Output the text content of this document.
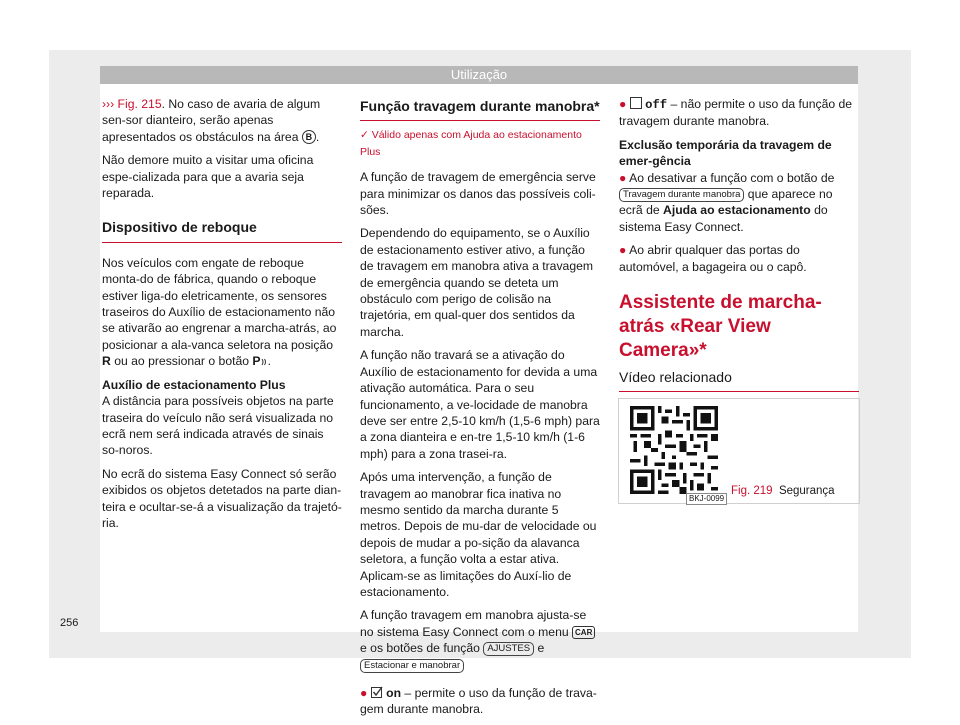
Utilização
256

››› Fig. 215. No caso de avaria de algum sen-sor dianteiro, serão apenas apresentados os obstáculos na área B .

Não demore muito a visitar uma oficina espe-cializada para que a avaria seja reparada.

Dispositivo de reboque

Nos veículos com engate de reboque monta-do de fábrica, quando o reboque estiver liga-do eletricamente, os sensores traseiros do Auxílio de estacionamento não se ativarão ao engrenar a marcha-atrás, ao posicionar a ala-vanca seletora na posição R ou ao pressionar o botão P .

Auxílio de estacionamento Plus

A distância para possíveis objetos na parte traseira do veículo não será visualizada no ecrã nem será indicada através de sinais so-noros.

No ecrã do sistema Easy Connect só serão exibidos os objetos detetados na parte dian-teira e ocultar-se-á a visualização da trajetó-ria.

Função travagem durante manobra*
✓ Válido apenas com Ajuda ao estacionamento Plus

A função de travagem de emergência serve para minimizar os danos das possíveis coli-sões.

Dependendo do equipamento, se o Auxílio de estacionamento estiver ativo, a função de travagem em manobra ativa a travagem de emergência quando se deteta um obstáculo com perigo de colisão na trajetória, em qual-quer dos sentidos da marcha.

A função não travará se a ativação do Auxílio de estacionamento for devida a uma ativação automática. Para o seu funcionamento, a ve-locidade de manobra deve ser entre 2,5-10 km/h (1,5-6 mph) para a zona dianteira e en-tre 1,5-10 km/h (1-6 mph) para a zona trasei-ra.

Após uma intervenção, a função de travagem ao manobrar fica inativa no mesmo sentido da marcha durante 5 metros. Depois de mu-dar de velocidade ou depois de mudar a po-sição da alavanca seletora, a função volta a estar ativa. Aplicam-se as limitações do Auxí-lio de estacionamento.

A função travagem em manobra ajusta-se no sistema Easy Connect com o menu CAR e os botões de função AJUSTES e
Estacionar e manobrar

● on – permite o uso da função de trava-gem durante manobra.

● off – não permite o uso da função de travagem durante manobra.

Exclusão temporária da travagem de emer-gência

● Ao desativar a função com o botão de Travagem durante manobra que aparece no ecrã de Ajuda ao estacionamento do sistema Easy Connect.

● Ao abrir qualquer das portas do automóvel, a bagageira ou o capô.

Assistente de marcha-atrás «Rear View Camera»*
Vídeo relacionado
BKJ-0099
Fig. 219 Segurança
